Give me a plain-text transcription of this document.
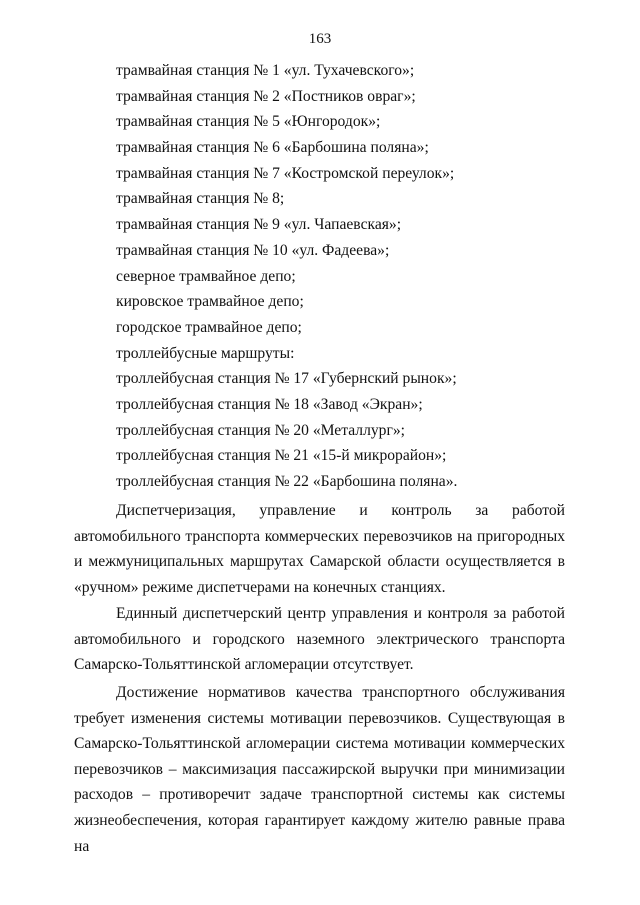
163
трамвайная станция № 1 «ул. Тухачевского»;
трамвайная станция № 2 «Постников овраг»;
трамвайная станция № 5 «Юнгородок»;
трамвайная станция № 6 «Барбошина поляна»;
трамвайная станция № 7 «Костромской переулок»;
трамвайная станция № 8;
трамвайная станция № 9 «ул. Чапаевская»;
трамвайная станция № 10 «ул. Фадеева»;
северное трамвайное депо;
кировское трамвайное депо;
городское трамвайное депо;
троллейбусные маршруты:
троллейбусная станция № 17 «Губернский рынок»;
троллейбусная станция № 18 «Завод «Экран»;
троллейбусная станция № 20 «Металлург»;
троллейбусная станция № 21 «15-й микрорайон»;
троллейбусная станция № 22 «Барбошина поляна».

Диспетчеризация, управление и контроль за работой автомобильного транспорта коммерческих перевозчиков на пригородных и межмуниципальных маршрутах Самарской области осуществляется в «ручном» режиме диспетчерами на конечных станциях.

Единный диспетчерский центр управления и контроля за работой автомобильного и городского наземного электрического транспорта Самарско-Тольяттинской агломерации отсутствует.

Достижение нормативов качества транспортного обслуживания требует изменения системы мотивации перевозчиков. Существующая в Самарско-Тольяттинской агломерации система мотивации коммерческих перевозчиков – максимизация пассажирской выручки при минимизации расходов – противоречит задаче транспортной системы как системы жизнеобеспечения, которая гарантирует каждому жителю равные права на
